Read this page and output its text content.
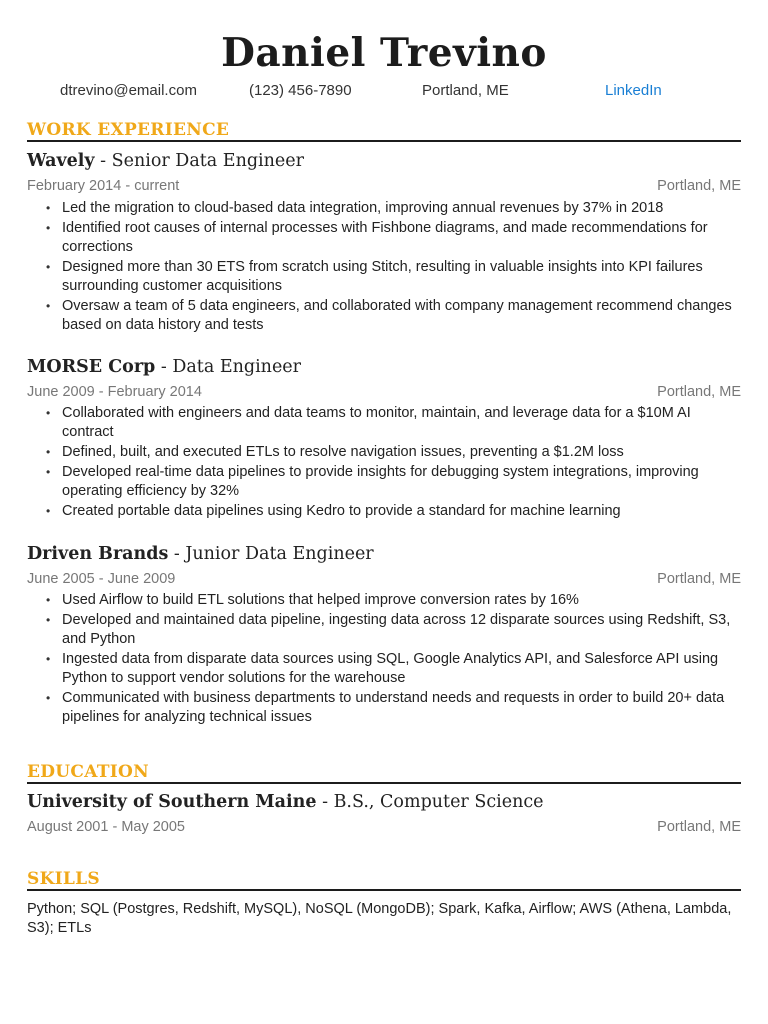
Daniel Trevino
dtrevino@email.com	(123) 456-7890	Portland, ME	LinkedIn
WORK EXPERIENCE
Wavely - Senior Data Engineer
February 2014 - current	Portland, ME
• Led the migration to cloud-based data integration, improving annual revenues by 37% in 2018
• Identified root causes of internal processes with Fishbone diagrams, and made recommendations for corrections
• Designed more than 30 ETS from scratch using Stitch, resulting in valuable insights into KPI failures surrounding customer acquisitions
• Oversaw a team of 5 data engineers, and collaborated with company management recommend changes based on data history and tests
MORSE Corp - Data Engineer
June 2009 - February 2014	Portland, ME
• Collaborated with engineers and data teams to monitor, maintain, and leverage data for a $10M AI contract
• Defined, built, and executed ETLs to resolve navigation issues, preventing a $1.2M loss
• Developed real-time data pipelines to provide insights for debugging system integrations, improving operating efficiency by 32%
• Created portable data pipelines using Kedro to provide a standard for machine learning
Driven Brands - Junior Data Engineer
June 2005 - June 2009	Portland, ME
• Used Airflow to build ETL solutions that helped improve conversion rates by 16%
• Developed and maintained data pipeline, ingesting data across 12 disparate sources using Redshift, S3, and Python
• Ingested data from disparate data sources using SQL, Google Analytics API, and Salesforce API using Python to support vendor solutions for the warehouse
• Communicated with business departments to understand needs and requests in order to build 20+ data pipelines for analyzing technical issues
EDUCATION
University of Southern Maine - B.S., Computer Science
August 2001 - May 2005	Portland, ME
SKILLS
Python; SQL (Postgres, Redshift, MySQL), NoSQL (MongoDB); Spark, Kafka, Airflow; AWS (Athena, Lambda, S3); ETLs
